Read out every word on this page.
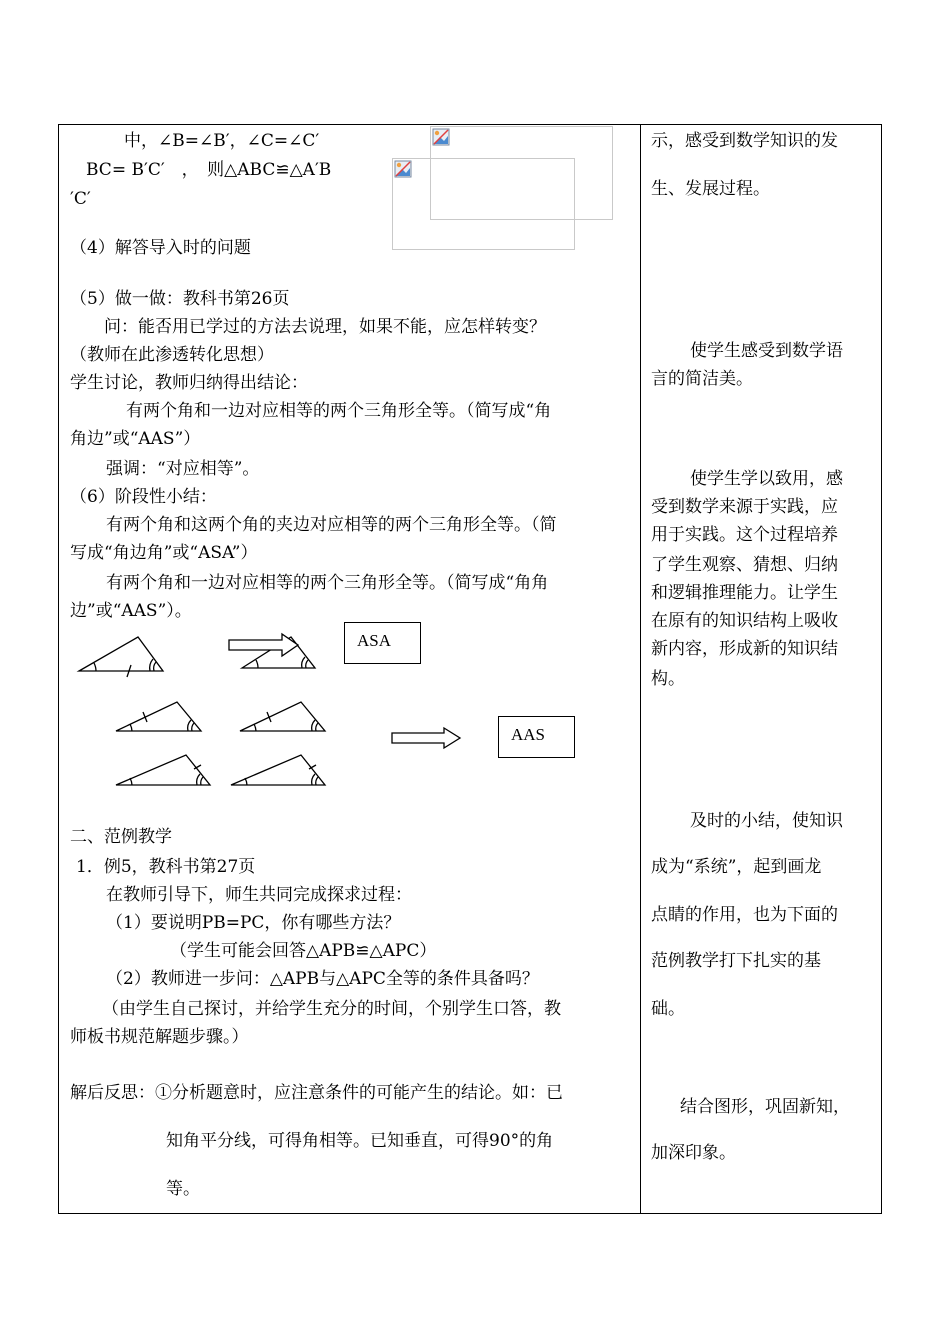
中，∠B=∠B′，∠C=∠C′
BC= B′C′　，　则△ABC≌△A′B
′C′
（4）解答导入时的问题
（5）做一做：教科书第26页
问：能否用已学过的方法去说理，如果不能，应怎样转变？
（教师在此渗透转化思想）
学生讨论，教师归纳得出结论：
有两个角和一边对应相等的两个三角形全等。（简写成“角
角边”或“AAS”）
强调：“对应相等”。
（6）阶段性小结：
有两个角和这两个角的夹边对应相等的两个三角形全等。（简
写成“角边角”或“ASA”）
有两个角和一边对应相等的两个三角形全等。（简写成“角角
边”或“AAS”）。
ASA
AAS
二、范例教学
1．例5，教科书第27页
在教师引导下，师生共同完成探求过程：
（1）要说明PB=PC，你有哪些方法？
（学生可能会回答△APB≌△APC）
（2）教师进一步问：△APB与△APC全等的条件具备吗？
（由学生自己探讨，并给学生充分的时间，个别学生口答，教
师板书规范解题步骤。）
解后反思：①分析题意时，应注意条件的可能产生的结论。如：已
知角平分线，可得角相等。已知垂直，可得90°的角
等。
示，感受到数学知识的发
生、发展过程。
使学生感受到数学语
言的简洁美。
使学生学以致用，感
受到数学来源于实践，应
用于实践。这个过程培养
了学生观察、猜想、归纳
和逻辑推理能力。让学生
在原有的知识结构上吸收
新内容，形成新的知识结
构。
及时的小结，使知识
成为“系统”，起到画龙
点睛的作用，也为下面的
范例教学打下扎实的基
础。
结合图形，巩固新知，
加深印象。
